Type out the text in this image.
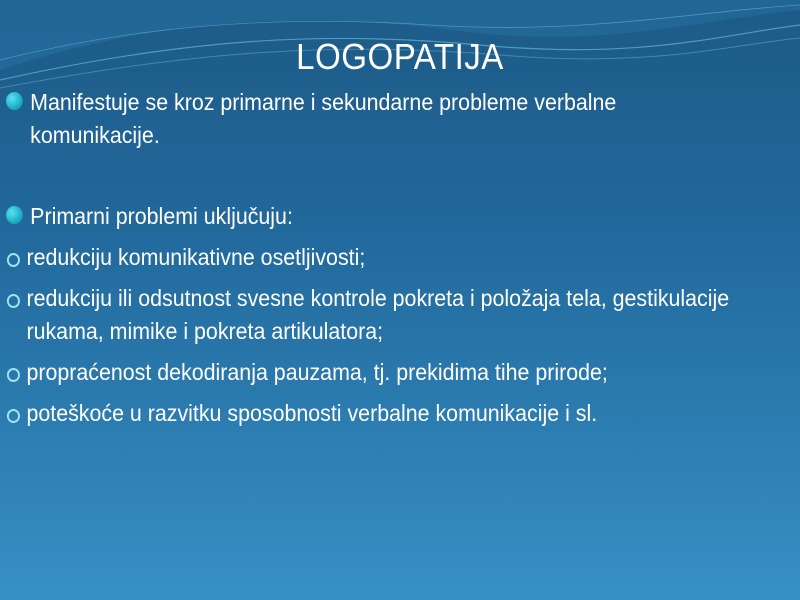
LOGOPATIJA
Manifestuje se kroz primarne i sekundarne probleme verbalne komunikacije.
Primarni problemi uključuju:
redukciju komunikativne osetljivosti;
redukciju ili odsutnost svesne kontrole pokreta i položaja tela, gestikulacije rukama, mimike i pokreta artikulatora;
propraćenost dekodiranja pauzama, tj. prekidima tihe prirode;
poteškoće u razvitku sposobnosti verbalne komunikacije i sl.
